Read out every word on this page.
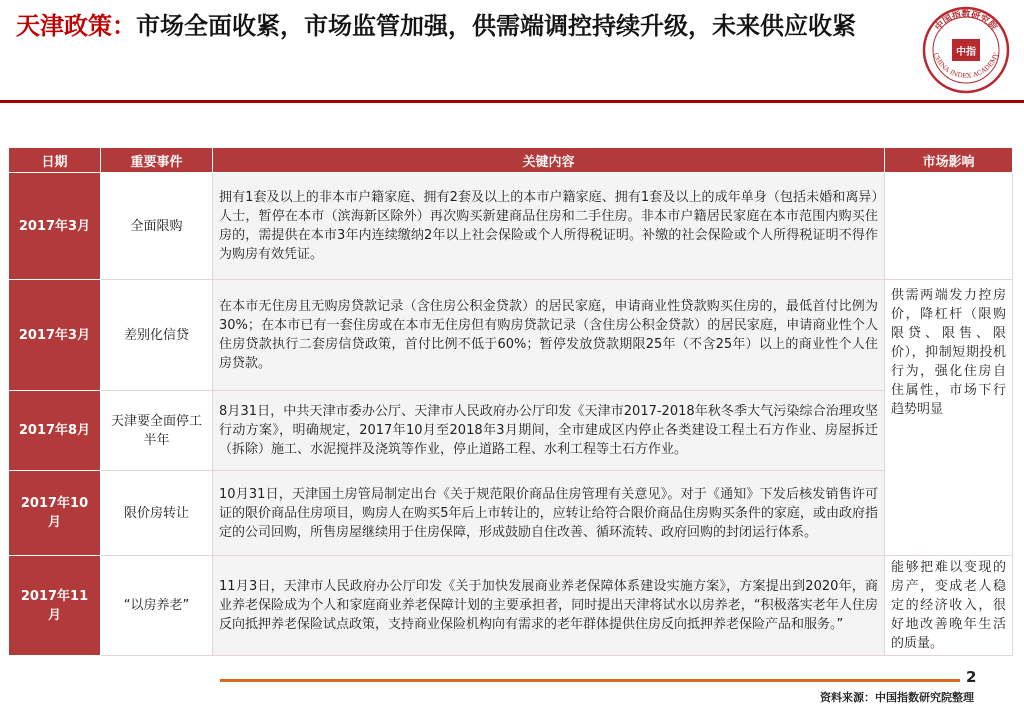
天津政策：市场全面收紧，市场监管加强，供需端调控持续升级，未来供应收紧	中国指数研究院
CHINA INDEX ACADEMY
中指
日期	重要事件	关键内容	市场影响
2017年3月	全面限购	拥有1套及以上的非本市户籍家庭、拥有2套及以上的本市户籍家庭、拥有1套及以上的成年单身（包括未婚和离异）人士，暂停在本市（滨海新区除外）再次购买新建商品住房和二手住房。非本市户籍居民家庭在本市范围内购买住房的，需提供在本市3年内连续缴纳2年以上社会保险或个人所得税证明。补缴的社会保险或个人所得税证明不得作为购房有效凭证。	
2017年3月	差别化信贷	在本市无住房且无购房贷款记录（含住房公积金贷款）的居民家庭，申请商业性贷款购买住房的，最低首付比例为30%；在本市已有一套住房或在本市无住房但有购房贷款记录（含住房公积金贷款）的居民家庭，申请商业性个人住房贷款执行二套房信贷政策，首付比例不低于60%；暂停发放贷款期限25年（不含25年）以上的商业性个人住房贷款。	供需两端发力控房价，降杠杆（限购限贷、限售、限价），抑制短期投机行为，强化住房自住属性，市场下行趋势明显
2017年8月	天津要全面停工半年	8月31日，中共天津市委办公厅、天津市人民政府办公厅印发《天津市2017-2018年秋冬季大气污染综合治理攻坚行动方案》，明确规定，2017年10月至2018年3月期间，全市建成区内停止各类建设工程土石方作业、房屋拆迁（拆除）施工、水泥搅拌及浇筑等作业，停止道路工程、水利工程等土石方作业。	
2017年10月	限价房转让	10月31日，天津国土房管局制定出台《关于规范限价商品住房管理有关意见》。对于《通知》下发后核发销售许可证的限价商品住房项目，购房人在购买5年后上市转让的，应转让给符合限价商品住房购买条件的家庭，或由政府指定的公司回购，所售房屋继续用于住房保障，形成鼓励自住改善、循环流转、政府回购的封闭运行体系。	
2017年11月	“以房养老”	11月3日，天津市人民政府办公厅印发《关于加快发展商业养老保障体系建设实施方案》，方案提出到2020年，商业养老保险成为个人和家庭商业养老保障计划的主要承担者，同时提出天津将试水以房养老，“积极落实老年人住房反向抵押养老保险试点政策，支持商业保险机构向有需求的老年群体提供住房反向抵押养老保险产品和服务。”	能够把难以变现的房产，变成老人稳定的经济收入，很好地改善晚年生活的质量。
2
资料来源：中国指数研究院整理
